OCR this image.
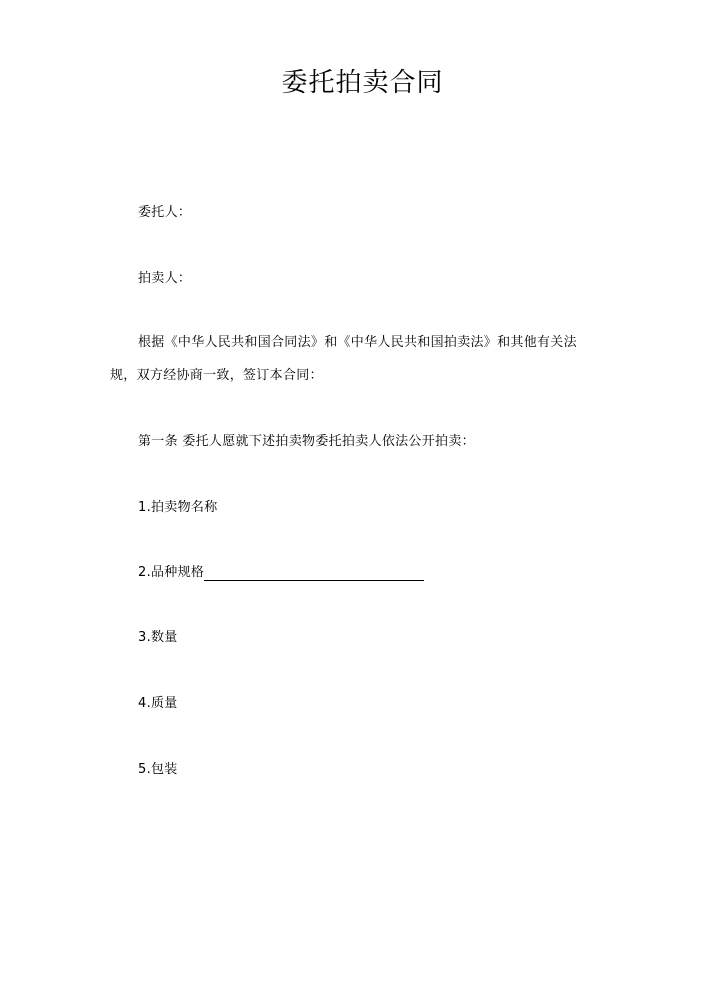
委托拍卖合同
委托人：
拍卖人：
根据《中华人民共和国合同法》和《中华人民共和国拍卖法》和其他有关法
规，双方经协商一致，签订本合同：
第一条 委托人愿就下述拍卖物委托拍卖人依法公开拍卖：
1.拍卖物名称
2.品种规格
3.数量
4.质量
5.包装
